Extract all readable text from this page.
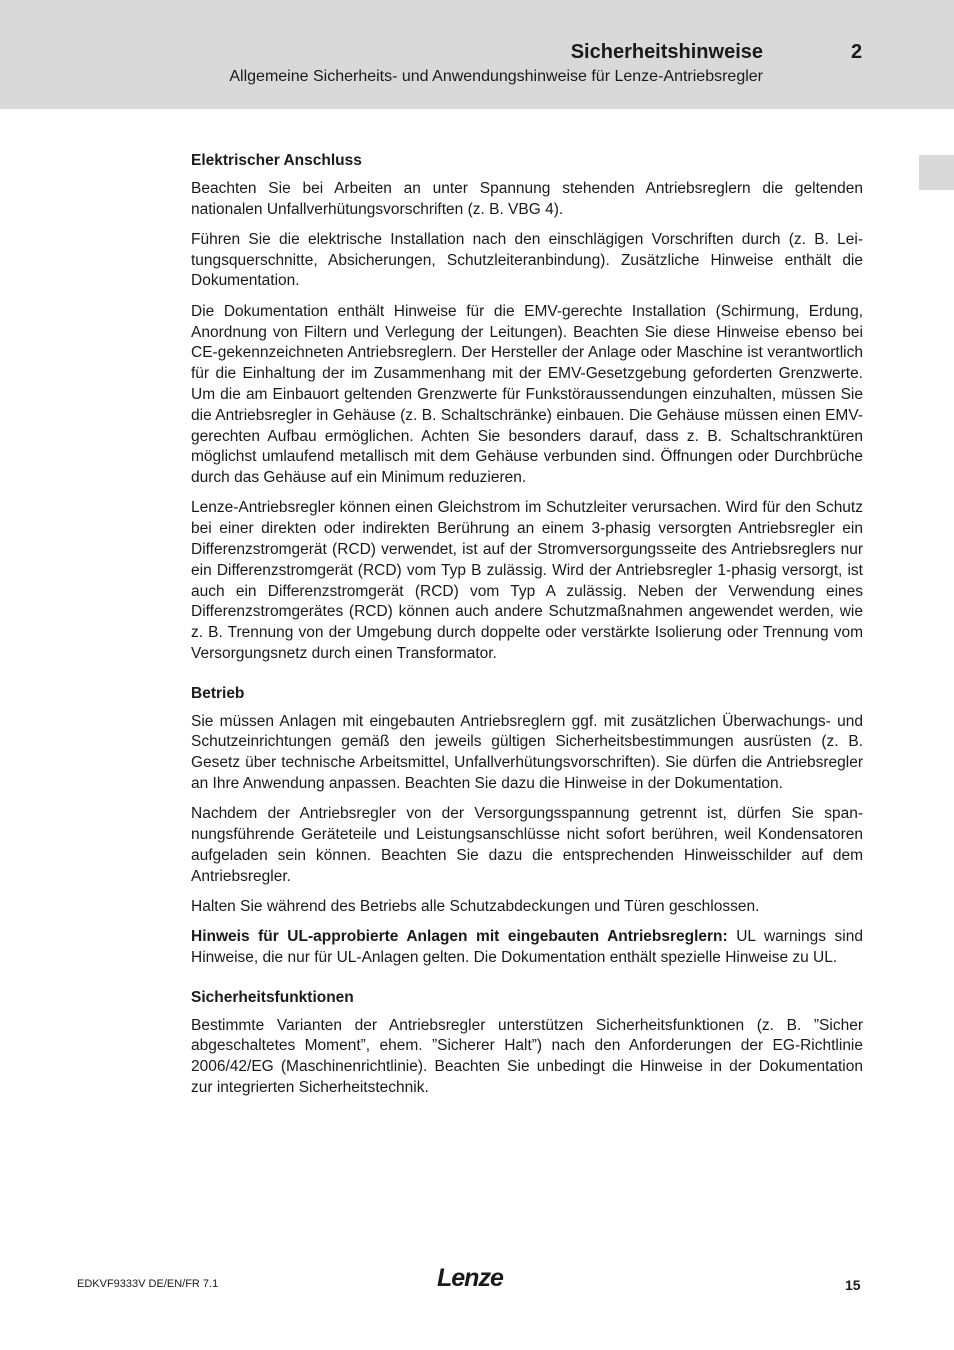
Sicherheitshinweise	2
Allgemeine Sicherheits- und Anwendungshinweise für Lenze-Antriebsregler
Elektrischer Anschluss

Beachten Sie bei Arbeiten an unter Spannung stehenden Antriebsreglern die geltenden nationalen Unfallverhütungsvorschriften (z. B. VBG 4).

Führen Sie die elektrische Installation nach den einschlägigen Vorschriften durch (z. B. Leitungsquerschnitte, Absicherungen, Schutzleiteranbindung). Zusätzliche Hinweise enthält die Dokumentation.

Die Dokumentation enthält Hinweise für die EMV-gerechte Installation (Schirmung, Erdung, Anordnung von Filtern und Verlegung der Leitungen). Beachten Sie diese Hinweise ebenso bei CE-gekennzeichneten Antriebsreglern. Der Hersteller der Anlage oder Maschine ist verantwortlich für die Einhaltung der im Zusammenhang mit der EMV-Gesetzgebung geforderten Grenzwerte. Um die am Einbauort geltenden Grenzwerte für Funkstöraussendungen einzuhalten, müssen Sie die Antriebsregler in Gehäuse (z. B. Schaltschränke) einbauen. Die Gehäuse müssen einen EMV-gerechten Aufbau ermöglichen. Achten Sie besonders darauf, dass z. B. Schaltschranktüren möglichst umlaufend metallisch mit dem Gehäuse verbunden sind. Öffnungen oder Durchbrüche durch das Gehäuse auf ein Minimum reduzieren.

Lenze-Antriebsregler können einen Gleichstrom im Schutzleiter verursachen. Wird für den Schutz bei einer direkten oder indirekten Berührung an einem 3-phasig versorgten Antriebsregler ein Differenzstromgerät (RCD) verwendet, ist auf der Stromversorgungsseite des Antriebsreglers nur ein Differenzstromgerät (RCD) vom Typ B zulässig. Wird der Antriebsregler 1-phasig versorgt, ist auch ein Differenzstromgerät (RCD) vom Typ A zulässig. Neben der Verwendung eines Differenzstromgerätes (RCD) können auch andere Schutzmaßnahmen angewendet werden, wie z. B. Trennung von der Umgebung durch doppelte oder verstärkte Isolierung oder Trennung vom Versorgungsnetz durch einen Transformator.

Betrieb

Sie müssen Anlagen mit eingebauten Antriebsreglern ggf. mit zusätzlichen Überwachungs- und Schutzeinrichtungen gemäß den jeweils gültigen Sicherheitsbestimmungen ausrüsten (z. B. Gesetz über technische Arbeitsmittel, Unfallverhütungsvorschriften). Sie dürfen die Antriebsregler an Ihre Anwendung anpassen. Beachten Sie dazu die Hinweise in der Dokumentation.

Nachdem der Antriebsregler von der Versorgungsspannung getrennt ist, dürfen Sie spannungsführende Geräteteile und Leistungsanschlüsse nicht sofort berühren, weil Kondensatoren aufgeladen sein können. Beachten Sie dazu die entsprechenden Hinweisschilder auf dem Antriebsregler.

Halten Sie während des Betriebs alle Schutzabdeckungen und Türen geschlossen.

Hinweis für UL-approbierte Anlagen mit eingebauten Antriebsreglern: UL warnings sind Hinweise, die nur für UL-Anlagen gelten. Die Dokumentation enthält spezielle Hinweise zu UL.

Sicherheitsfunktionen

Bestimmte Varianten der Antriebsregler unterstützen Sicherheitsfunktionen (z. B. ”Sicher abgeschaltetes Moment”, ehem. ”Sicherer Halt”) nach den Anforderungen der EG-Richtlinie 2006/42/EG (Maschinenrichtlinie). Beachten Sie unbedingt die Hinweise in der Dokumentation zur integrierten Sicherheitstechnik.

EDKVF9333V DE/EN/FR 7.1	Lenze	15
